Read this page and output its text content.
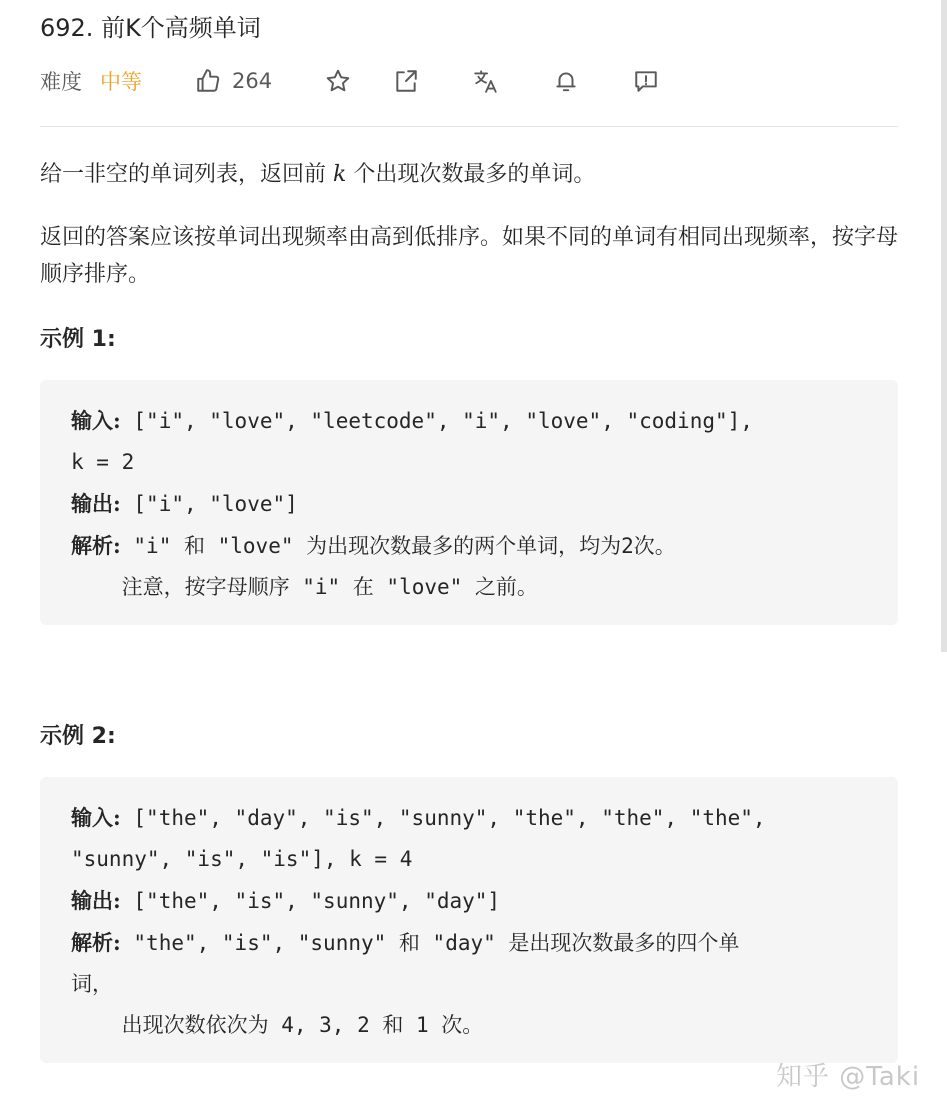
692. 前K个高频单词
难度 中等	264
给一非空的单词列表，返回前 k 个出现次数最多的单词。
返回的答案应该按单词出现频率由高到低排序。如果不同的单词有相同出现频率，按字母顺序排序。
示例 1:
输入: ["i", "love", "leetcode", "i", "love", "coding"],
k = 2
输出: ["i", "love"]
解析: "i" 和 "love" 为出现次数最多的两个单词，均为2次。
注意，按字母顺序 "i" 在 "love" 之前。
示例 2:
输入: ["the", "day", "is", "sunny", "the", "the", "the",
"sunny", "is", "is"], k = 4
输出: ["the", "is", "sunny", "day"]
解析: "the", "is", "sunny" 和 "day" 是出现次数最多的四个单
词，
出现次数依次为 4, 3, 2 和 1 次。
知乎 @Taki
